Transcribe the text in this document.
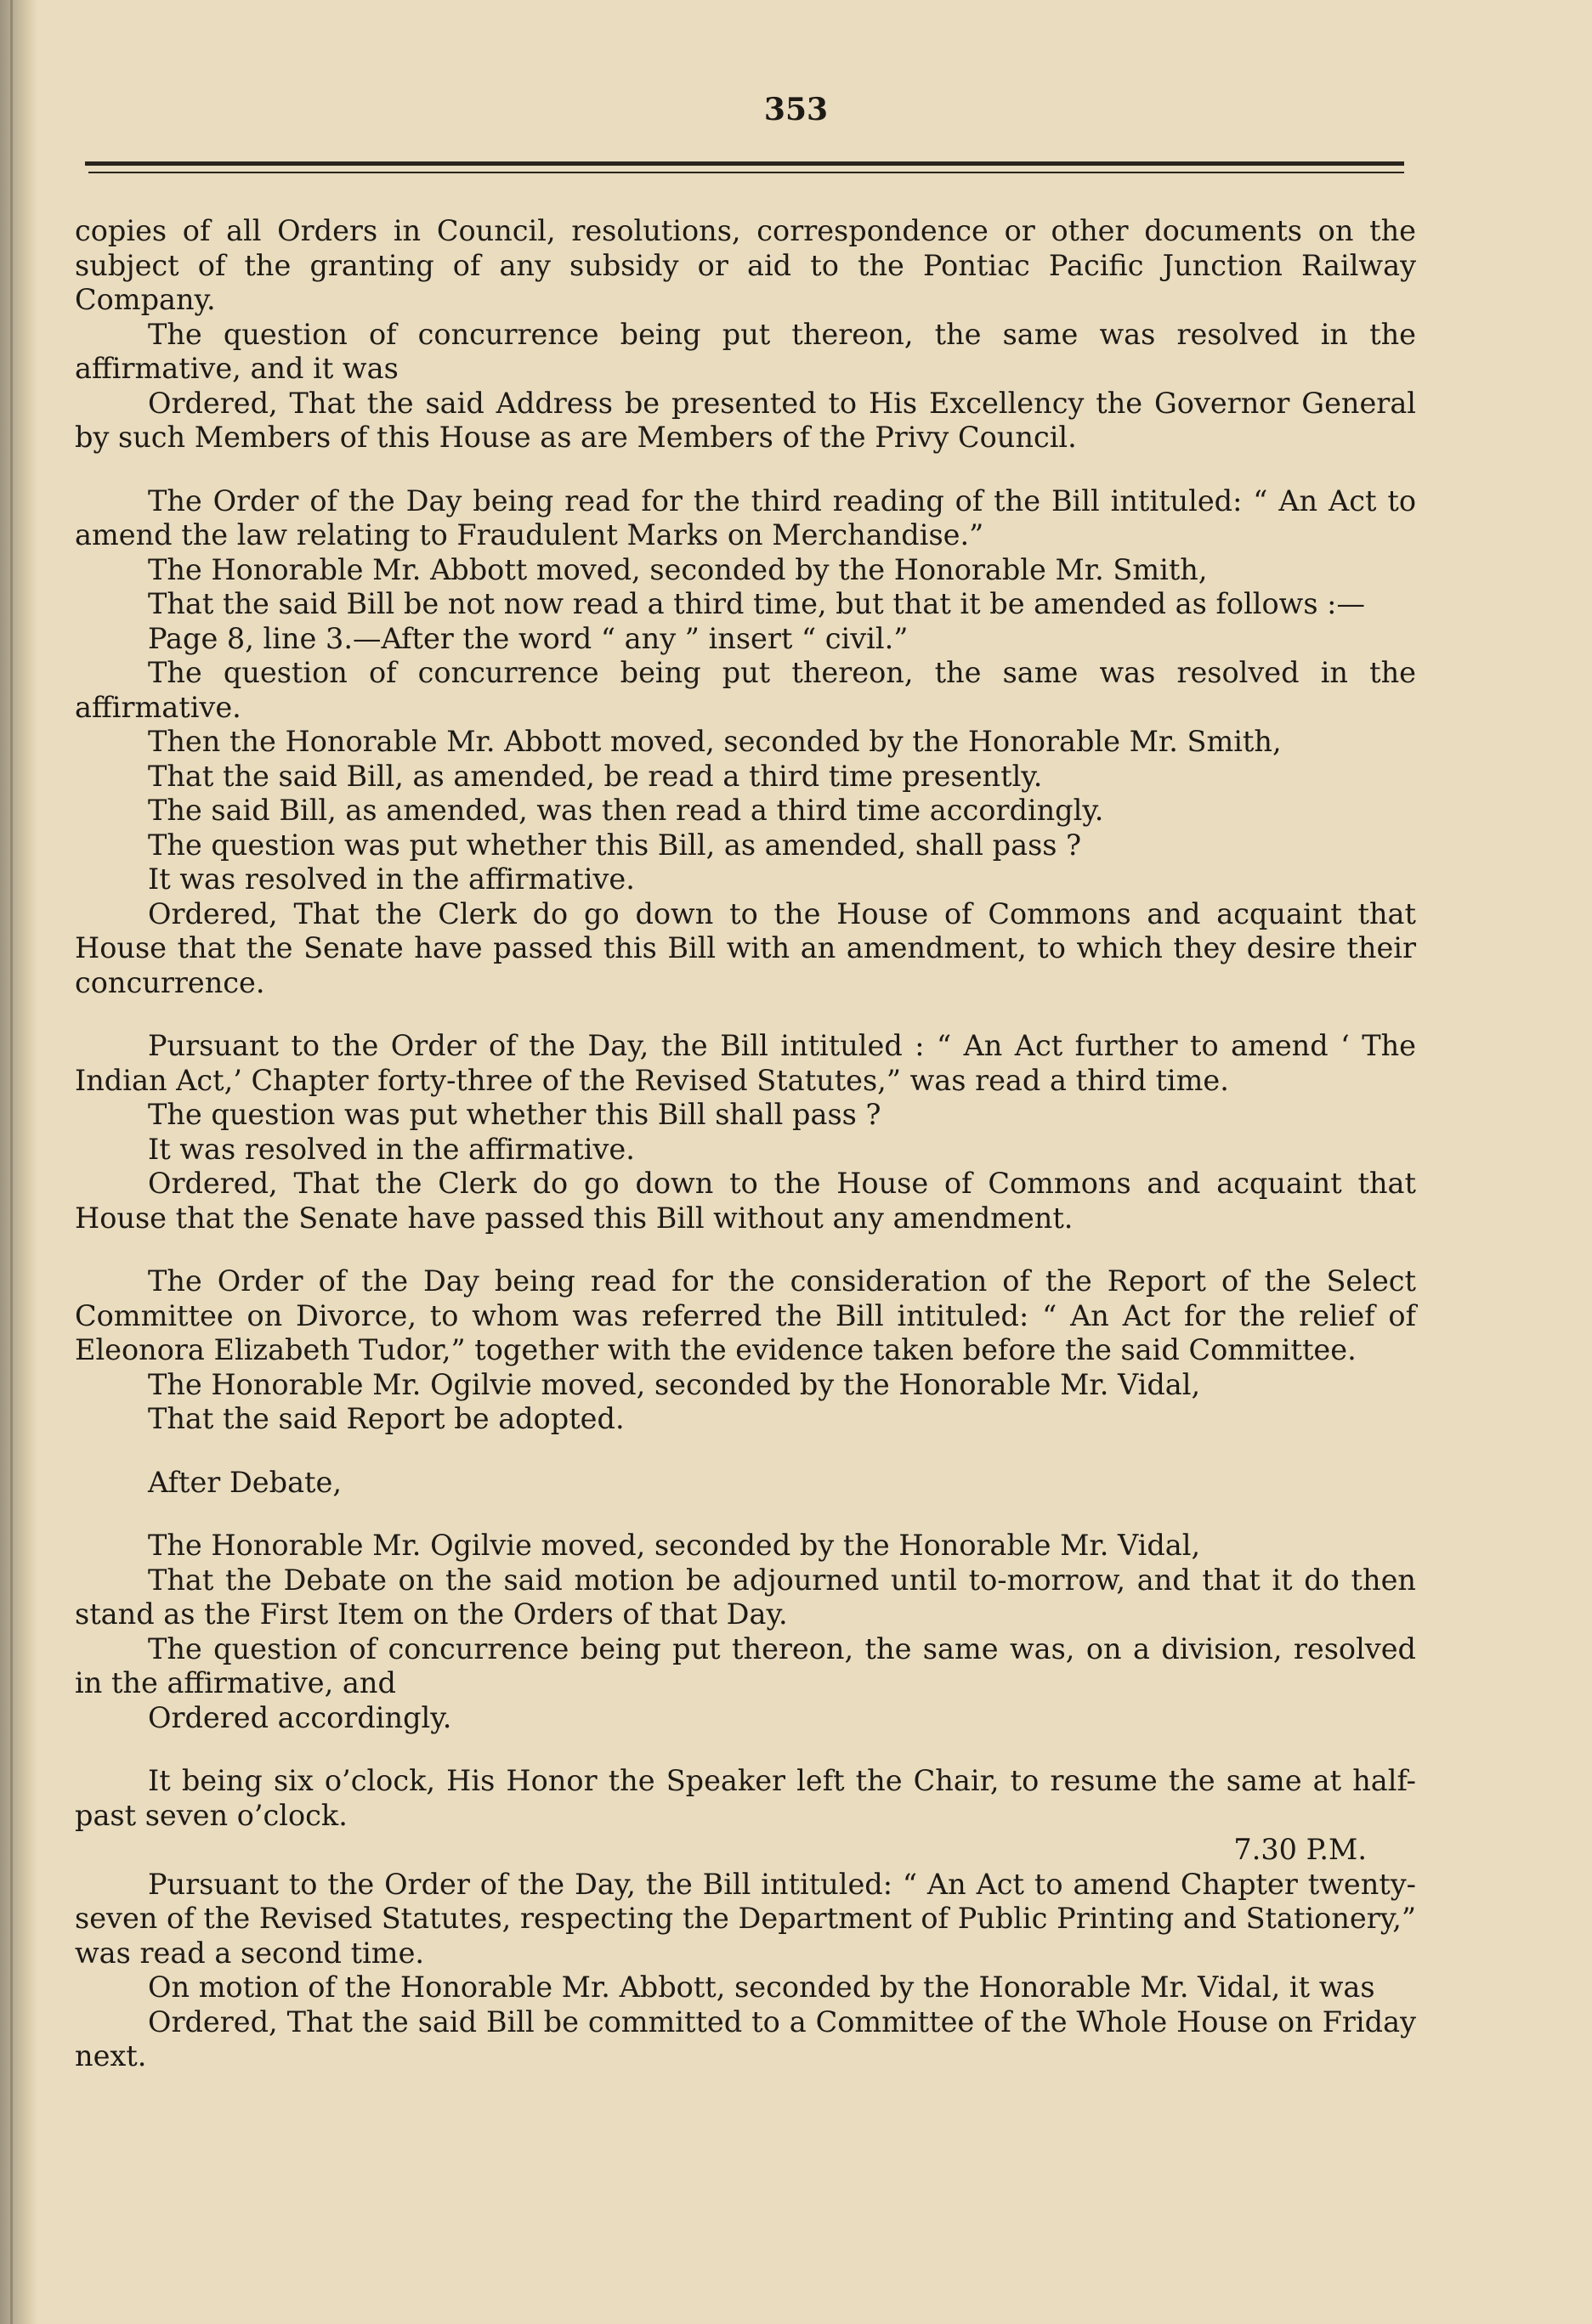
353

copies of all Orders in Council, resolutions, correspondence or other documents on the subject of the granting of any subsidy or aid to the Pontiac Pacific Junction Railway Company.

The question of concurrence being put thereon, the same was resolved in the affirmative, and it was

Ordered, That the said Address be presented to His Excellency the Governor General by such Members of this House as are Members of the Privy Council.

The Order of the Day being read for the third reading of the Bill intituled: “ An Act to amend the law relating to Fraudulent Marks on Merchandise.”

The Honorable Mr. Abbott moved, seconded by the Honorable Mr. Smith,

That the said Bill be not now read a third time, but that it be amended as follows :—

Page 8, line 3.—After the word “ any ” insert “ civil.”

The question of concurrence being put thereon, the same was resolved in the affirmative.

Then the Honorable Mr. Abbott moved, seconded by the Honorable Mr. Smith,

That the said Bill, as amended, be read a third time presently.

The said Bill, as amended, was then read a third time accordingly.

The question was put whether this Bill, as amended, shall pass ?

It was resolved in the affirmative.

Ordered, That the Clerk do go down to the House of Commons and acquaint that House that the Senate have passed this Bill with an amendment, to which they desire their concurrence.

Pursuant to the Order of the Day, the Bill intituled : “ An Act further to amend ‘ The Indian Act,’ Chapter forty-three of the Revised Statutes,” was read a third time.

The question was put whether this Bill shall pass ?

It was resolved in the affirmative.

Ordered, That the Clerk do go down to the House of Commons and acquaint that House that the Senate have passed this Bill without any amendment.

The Order of the Day being read for the consideration of the Report of the Select Committee on Divorce, to whom was referred the Bill intituled: “ An Act for the relief of Eleonora Elizabeth Tudor,” together with the evidence taken before the said Committee.

The Honorable Mr. Ogilvie moved, seconded by the Honorable Mr. Vidal,

That the said Report be adopted.

After Debate,

The Honorable Mr. Ogilvie moved, seconded by the Honorable Mr. Vidal,

That the Debate on the said motion be adjourned until to-morrow, and that it do then stand as the First Item on the Orders of that Day.

The question of concurrence being put thereon, the same was, on a division, resolved in the affirmative, and

Ordered accordingly.

It being six o’clock, His Honor the Speaker left the Chair, to resume the same at half-past seven o’clock.

7.30 P.M.

Pursuant to the Order of the Day, the Bill intituled: “ An Act to amend Chapter twenty-seven of the Revised Statutes, respecting the Department of Public Printing and Stationery,” was read a second time.

On motion of the Honorable Mr. Abbott, seconded by the Honorable Mr. Vidal, it was

Ordered, That the said Bill be committed to a Committee of the Whole House on Friday next.
